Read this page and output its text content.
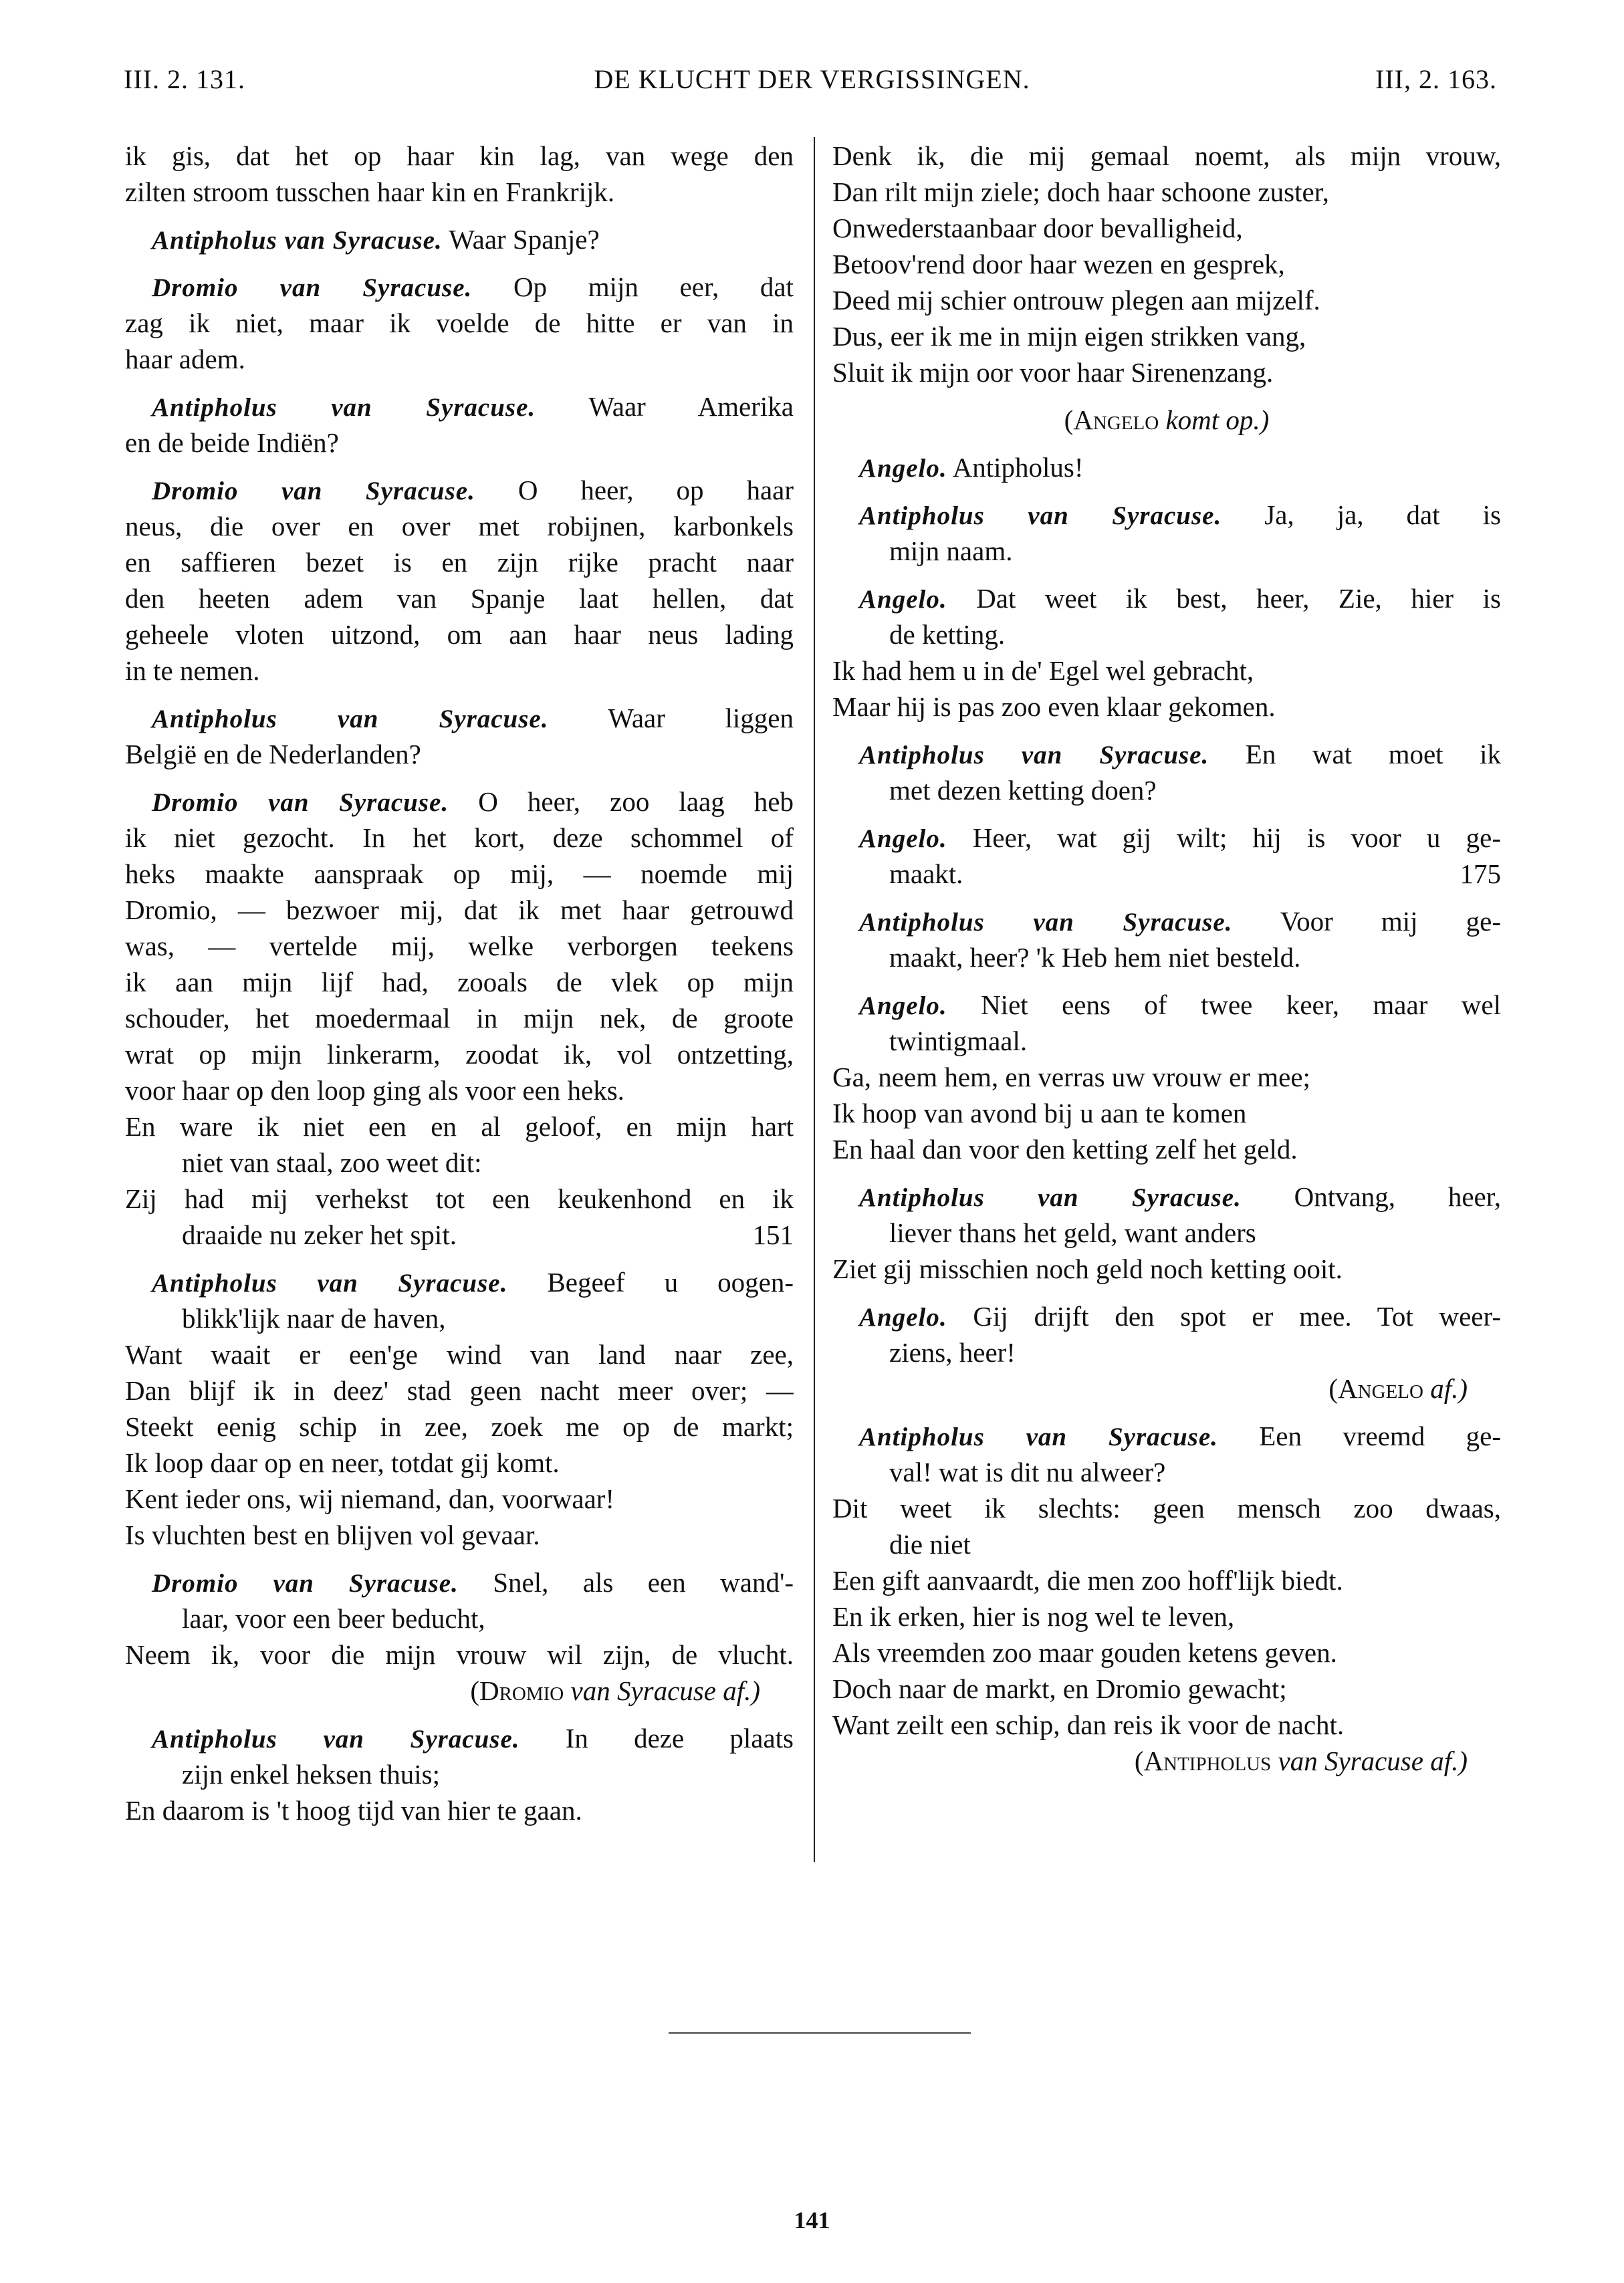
DE KLUCHT DER VERGISSINGEN.
III. 2. 131.	III, 2. 163.
ik gis, dat het op haar kin lag, van wege den
zilten stroom tusschen haar kin en Frankrijk.
Antipholus van Syracuse. Waar Spanje?
Dromio van Syracuse. Op mijn eer, dat
zag ik niet, maar ik voelde de hitte er van in
haar adem.
Antipholus van Syracuse. Waar Amerika
en de beide Indiën?
Dromio van Syracuse. O heer, op haar
neus, die over en over met robijnen, karbonkels
en saffieren bezet is en zijn rijke pracht naar
den heeten adem van Spanje laat hellen, dat
geheele vloten uitzond, om aan haar neus lading
in te nemen.
Antipholus van Syracuse. Waar liggen
België en de Nederlanden?
Dromio van Syracuse. O heer, zoo laag heb
ik niet gezocht. In het kort, deze schommel of
heks maakte aanspraak op mij, — noemde mij
Dromio, — bezwoer mij, dat ik met haar getrouwd
was, — vertelde mij, welke verborgen teekens
ik aan mijn lijf had, zooals de vlek op mijn
schouder, het moedermaal in mijn nek, de groote
wrat op mijn linkerarm, zoodat ik, vol ontzetting,
voor haar op den loop ging als voor een heks.
En ware ik niet een en al geloof, en mijn hart
niet van staal, zoo weet dit:
Zij had mij verhekst tot een keukenhond en ik
draaide nu zeker het spit.	151
Antipholus van Syracuse. Begeef u oogen-
blikk'lijk naar de haven,
Want waait er een'ge wind van land naar zee,
Dan blijf ik in deez' stad geen nacht meer over; —
Steekt eenig schip in zee, zoek me op de markt;
Ik loop daar op en neer, totdat gij komt.
Kent ieder ons, wij niemand, dan, voorwaar!
Is vluchten best en blijven vol gevaar.
Dromio van Syracuse. Snel, als een wand'-
laar, voor een beer beducht,
Neem ik, voor die mijn vrouw wil zijn, de vlucht.
(Dromio van Syracuse af.)
Antipholus van Syracuse. In deze plaats
zijn enkel heksen thuis;
En daarom is 't hoog tijd van hier te gaan.
Denk ik, die mij gemaal noemt, als mijn vrouw,
Dan rilt mijn ziele; doch haar schoone zuster,
Onwederstaanbaar door bevalligheid,
Betoov'rend door haar wezen en gesprek,
Deed mij schier ontrouw plegen aan mijzelf.
Dus, eer ik me in mijn eigen strikken vang,
Sluit ik mijn oor voor haar Sirenenzang.
(Angelo komt op.)
Angelo. Antipholus!
Antipholus van Syracuse. Ja, ja, dat is
mijn naam.
Angelo. Dat weet ik best, heer, Zie, hier is
de ketting.
Ik had hem u in de' Egel wel gebracht,
Maar hij is pas zoo even klaar gekomen.
Antipholus van Syracuse. En wat moet ik
met dezen ketting doen?
Angelo. Heer, wat gij wilt; hij is voor u ge-
maakt.	175
Antipholus van Syracuse. Voor mij ge-
maakt, heer? 'k Heb hem niet besteld.
Angelo. Niet eens of twee keer, maar wel
twintigmaal.
Ga, neem hem, en verras uw vrouw er mee;
Ik hoop van avond bij u aan te komen
En haal dan voor den ketting zelf het geld.
Antipholus van Syracuse. Ontvang, heer,
liever thans het geld, want anders
Ziet gij misschien noch geld noch ketting ooit.
Angelo. Gij drijft den spot er mee. Tot weer-
ziens, heer!
(Angelo af.)
Antipholus van Syracuse. Een vreemd ge-
val! wat is dit nu alweer?
Dit weet ik slechts: geen mensch zoo dwaas,
die niet
Een gift aanvaardt, die men zoo hoff'lijk biedt.
En ik erken, hier is nog wel te leven,
Als vreemden zoo maar gouden ketens geven.
Doch naar de markt, en Dromio gewacht;
Want zeilt een schip, dan reis ik voor de nacht.
(Antipholus van Syracuse af.)
141
